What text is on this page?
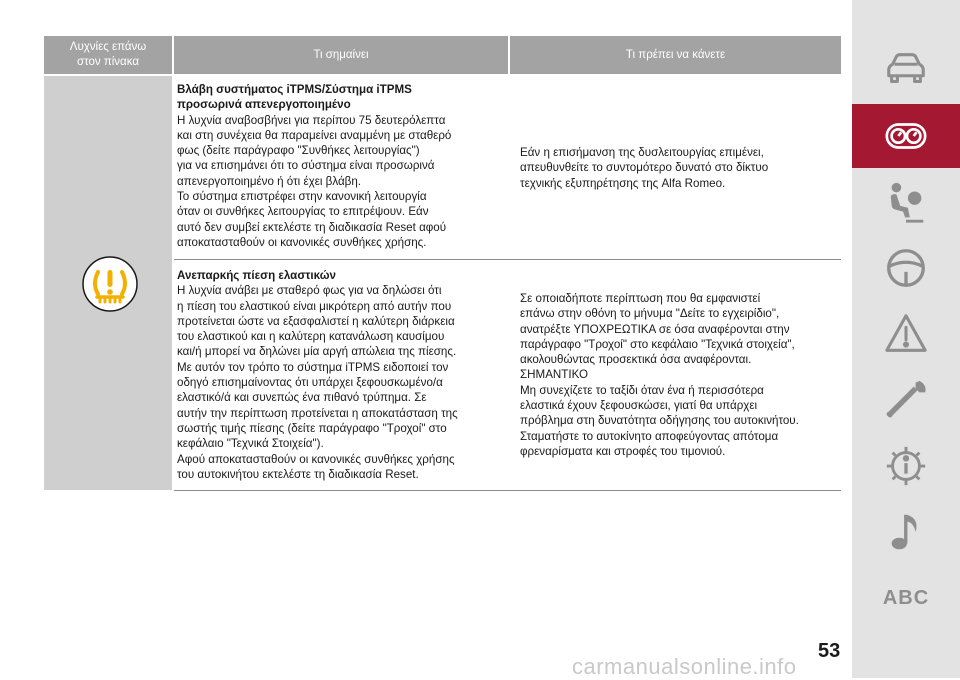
Λυχνίες επάνω
στον πίνακα
Τι σημαίνει	Τι πρέπει να κάνετε
Βλάβη συστήματος iTPMS/Σύστημα iTPMS
προσωρινά απενεργοποιημένο
Η λυχνία αναβοσβήνει για περίπου 75 δευτερόλεπτα
και στη συνέχεια θα παραμείνει αναμμένη με σταθερό
φως (δείτε παράγραφο "Συνθήκες λειτουργίας")
για να επισημάνει ότι το σύστημα είναι προσωρινά
απενεργοποιημένο ή ότι έχει βλάβη.
Το σύστημα επιστρέφει στην κανονική λειτουργία
όταν οι συνθήκες λειτουργίας το επιτρέψουν. Εάν
αυτό δεν συμβεί εκτελέστε τη διαδικασία Reset αφού
αποκατασταθούν οι κανονικές συνθήκες χρήσης.
Εάν η επισήμανση της δυσλειτουργίας επιμένει,
απευθυνθείτε το συντομότερο δυνατό στο δίκτυο
τεχνικής εξυπηρέτησης της Alfa Romeo.
Ανεπαρκής πίεση ελαστικών
Η λυχνία ανάβει με σταθερό φως για να δηλώσει ότι
η πίεση του ελαστικού είναι μικρότερη από αυτήν που
προτείνεται ώστε να εξασφαλιστεί η καλύτερη διάρκεια
του ελαστικού και η καλύτερη κατανάλωση καυσίμου
και/ή μπορεί να δηλώνει μία αργή απώλεια της πίεσης.
Με αυτόν τον τρόπο το σύστημα iTPMS ειδοποιεί τον
οδηγό επισημαίνοντας ότι υπάρχει ξεφουσκωμένο/α
ελαστικό/ά και συνεπώς ένα πιθανό τρύπημα. Σε
αυτήν την περίπτωση προτείνεται η αποκατάσταση της
σωστής τιμής πίεσης (δείτε παράγραφο "Τροχοί" στο
κεφάλαιο "Τεχνικά Στοιχεία").
Αφού αποκατασταθούν οι κανονικές συνθήκες χρήσης
του αυτοκινήτου εκτελέστε τη διαδικασία Reset.
Σε οποιαδήποτε περίπτωση που θα εμφανιστεί
επάνω στην οθόνη το μήνυμα "Δείτε το εγχειρίδιο",
ανατρέξτε ΥΠΟΧΡΕΩΤΙΚΑ σε όσα αναφέρονται στην
παράγραφο "Τροχοί" στο κεφάλαιο "Τεχνικά στοιχεία",
ακολουθώντας προσεκτικά όσα αναφέρονται.
ΣΗΜΑΝΤΙΚΟ
Μη συνεχίζετε το ταξίδι όταν ένα ή περισσότερα
ελαστικά έχουν ξεφουσκώσει, γιατί θα υπάρχει
πρόβλημα στη δυνατότητα οδήγησης του αυτοκινήτου.
Σταματήστε το αυτοκίνητο αποφεύγοντας απότομα
φρεναρίσματα και στροφές του τιμονιού.
ABC
53
carmanualsonline.info
